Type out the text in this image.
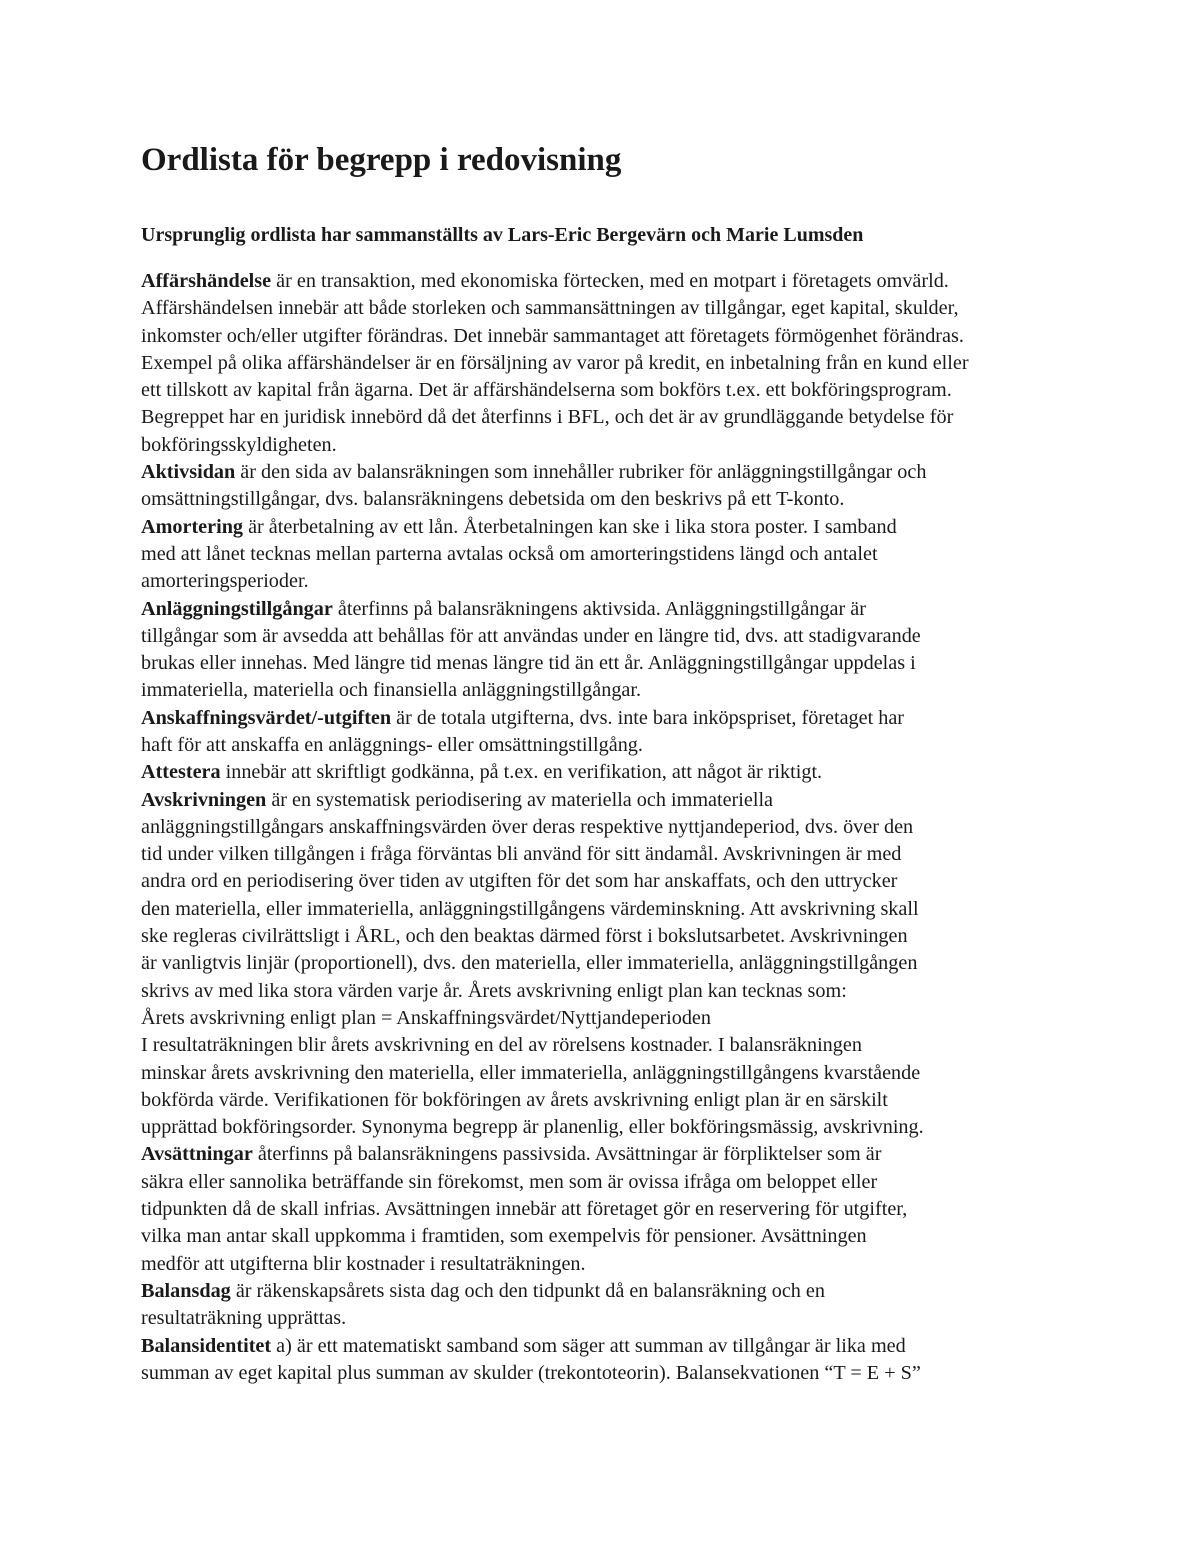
Ordlista för begrepp i redovisning

Ursprunglig ordlista har sammanställts av Lars-Eric Bergevärn och Marie Lumsden

Affärshändelse är en transaktion, med ekonomiska förtecken, med en motpart i företagets omvärld.
Affärshändelsen innebär att både storleken och sammansättningen av tillgångar, eget kapital, skulder,
inkomster och/eller utgifter förändras. Det innebär sammantaget att företagets förmögenhet förändras.
Exempel på olika affärshändelser är en försäljning av varor på kredit, en inbetalning från en kund eller
ett tillskott av kapital från ägarna. Det är affärshändelserna som bokförs t.ex. ett bokföringsprogram.
Begreppet har en juridisk innebörd då det återfinns i BFL, och det är av grundläggande betydelse för
bokföringsskyldigheten.

Aktivsidan är den sida av balansräkningen som innehåller rubriker för anläggningstillgångar och
omsättningstillgångar, dvs. balansräkningens debetsida om den beskrivs på ett T-konto.

Amortering är återbetalning av ett lån. Återbetalningen kan ske i lika stora poster. I samband
med att lånet tecknas mellan parterna avtalas också om amorteringstidens längd och antalet
amorteringsperioder.

Anläggningstillgångar återfinns på balansräkningens aktivsida. Anläggningstillgångar är
tillgångar som är avsedda att behållas för att användas under en längre tid, dvs. att stadigvarande
brukas eller innehas. Med längre tid menas längre tid än ett år. Anläggningstillgångar uppdelas i
immateriella, materiella och finansiella anläggningstillgångar.

Anskaffningsvärdet/-utgiften är de totala utgifterna, dvs. inte bara inköpspriset, företaget har
haft för att anskaffa en anläggnings- eller omsättningstillgång.

Attestera innebär att skriftligt godkänna, på t.ex. en verifikation, att något är riktigt.

Avskrivningen är en systematisk periodisering av materiella och immateriella
anläggningstillgångars anskaffningsvärden över deras respektive nyttjandeperiod, dvs. över den
tid under vilken tillgången i fråga förväntas bli använd för sitt ändamål. Avskrivningen är med
andra ord en periodisering över tiden av utgiften för det som har anskaffats, och den uttrycker
den materiella, eller immateriella, anläggningstillgångens värdeminskning. Att avskrivning skall
ske regleras civilrättsligt i ÅRL, och den beaktas därmed först i bokslutsarbetet. Avskrivningen
är vanligtvis linjär (proportionell), dvs. den materiella, eller immateriella, anläggningstillgången
skrivs av med lika stora värden varje år. Årets avskrivning enligt plan kan tecknas som:
Årets avskrivning enligt plan = Anskaffningsvärdet/Nyttjandeperioden
I resultaträkningen blir årets avskrivning en del av rörelsens kostnader. I balansräkningen
minskar årets avskrivning den materiella, eller immateriella, anläggningstillgångens kvarstående
bokförda värde. Verifikationen för bokföringen av årets avskrivning enligt plan är en särskilt
upprättad bokföringsorder. Synonyma begrepp är planenlig, eller bokföringsmässig, avskrivning.

Avsättningar återfinns på balansräkningens passivsida. Avsättningar är förpliktelser som är
säkra eller sannolika beträffande sin förekomst, men som är ovissa ifråga om beloppet eller
tidpunkten då de skall infrias. Avsättningen innebär att företaget gör en reservering för utgifter,
vilka man antar skall uppkomma i framtiden, som exempelvis för pensioner. Avsättningen
medför att utgifterna blir kostnader i resultaträkningen.

Balansdag är räkenskapsårets sista dag och den tidpunkt då en balansräkning och en
resultaträkning upprättas.

Balansidentitet a) är ett matematiskt samband som säger att summan av tillgångar är lika med
summan av eget kapital plus summan av skulder (trekontoteorin). Balansekvationen “T = E + S”
